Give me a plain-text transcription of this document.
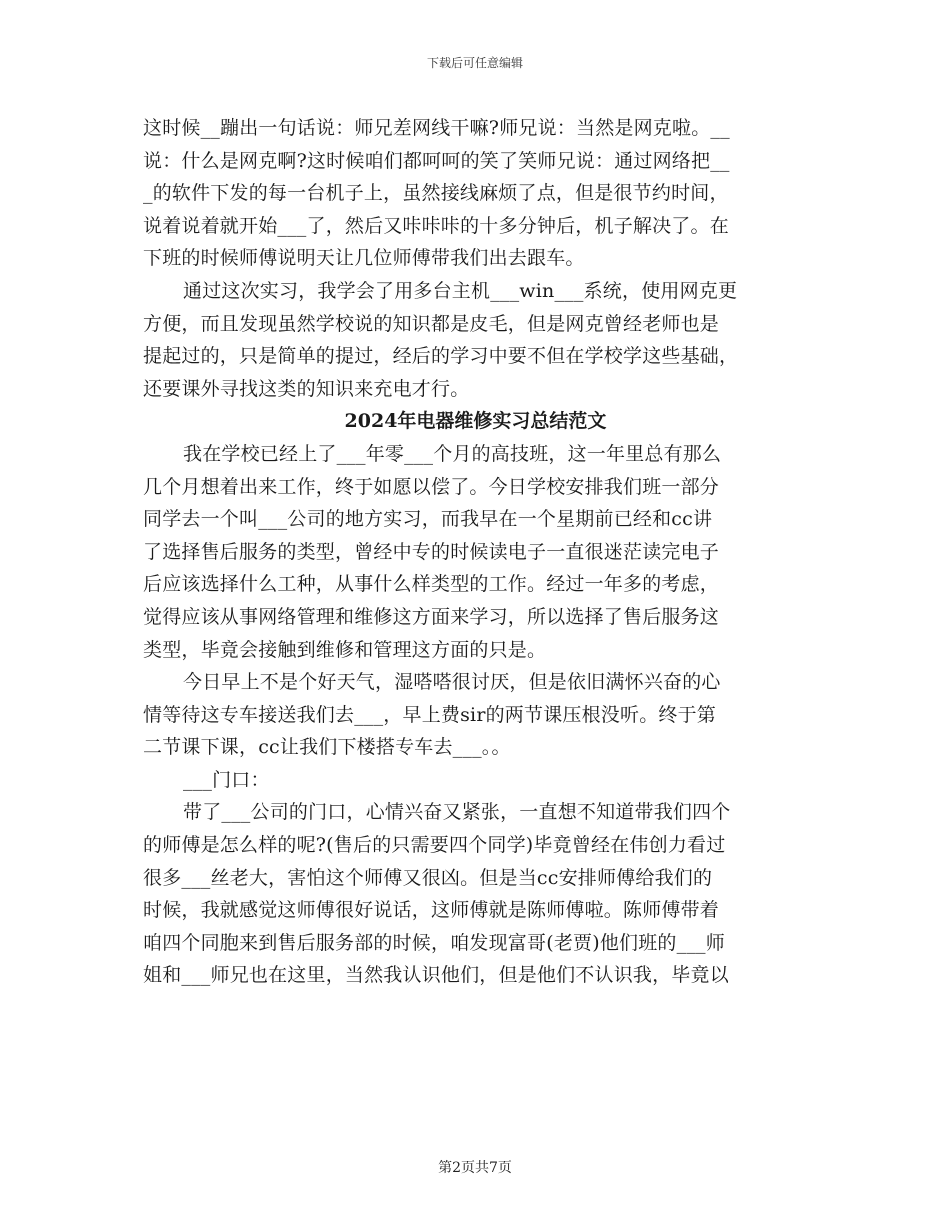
下载后可任意编辑
这时候__蹦出一句话说：师兄差网线干嘛?师兄说：当然是网克啦。__
说：什么是网克啊?这时候咱们都呵呵的笑了笑师兄说：通过网络把__
_的软件下发的每一台机子上，虽然接线麻烦了点，但是很节约时间，
说着说着就开始___了，然后又咔咔咔的十多分钟后，机子解决了。在
下班的时候师傅说明天让几位师傅带我们出去跟车。
通过这次实习，我学会了用多台主机___win___系统，使用网克更
方便，而且发现虽然学校说的知识都是皮毛，但是网克曾经老师也是
提起过的，只是简单的提过，经后的学习中要不但在学校学这些基础，
还要课外寻找这类的知识来充电才行。
2024年电器维修实习总结范文
我在学校已经上了___年零___个月的高技班，这一年里总有那么
几个月想着出来工作，终于如愿以偿了。今日学校安排我们班一部分
同学去一个叫___公司的地方实习，而我早在一个星期前已经和cc讲
了选择售后服务的类型，曾经中专的时候读电子一直很迷茫读完电子
后应该选择什么工种，从事什么样类型的工作。经过一年多的考虑，
觉得应该从事网络管理和维修这方面来学习，所以选择了售后服务这
类型，毕竟会接触到维修和管理这方面的只是。
今日早上不是个好天气，湿嗒嗒很讨厌，但是依旧满怀兴奋的心
情等待这专车接送我们去___，早上费sir的两节课压根没听。终于第
二节课下课，cc让我们下楼搭专车去___。。
___门口：
带了___公司的门口，心情兴奋又紧张，一直想不知道带我们四个
的师傅是怎么样的呢?(售后的只需要四个同学)毕竟曾经在伟创力看过
很多___丝老大，害怕这个师傅又很凶。但是当cc安排师傅给我们的
时候，我就感觉这师傅很好说话，这师傅就是陈师傅啦。陈师傅带着
咱四个同胞来到售后服务部的时候，咱发现富哥(老贾)他们班的___师
姐和___师兄也在这里，当然我认识他们，但是他们不认识我，毕竟以
第2页共7页
